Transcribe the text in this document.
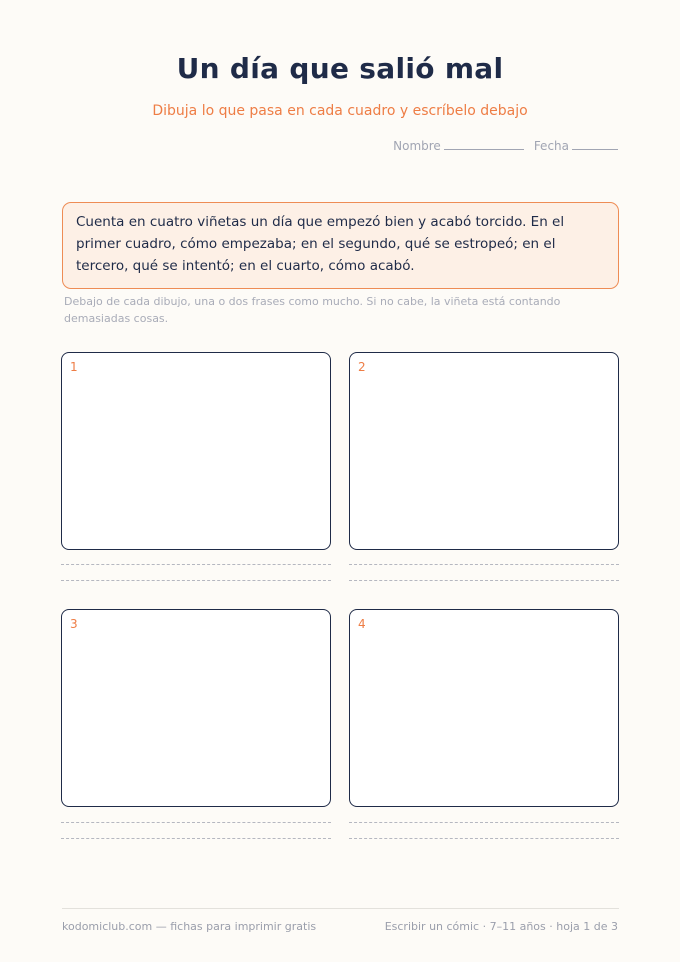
Un día que salió mal
Dibuja lo que pasa en cada cuadro y escríbelo debajo
Nombre	Fecha
Cuenta en cuatro viñetas un día que empezó bien y acabó torcido. En el primer cuadro, cómo empezaba; en el segundo, qué se estropeó; en el tercero, qué se intentó; en el cuarto, cómo acabó.
Debajo de cada dibujo, una o dos frases como mucho. Si no cabe, la viñeta está contando demasiadas cosas.
1	2
3	4
kodomiclub.com — fichas para imprimir gratis	Escribir un cómic · 7–11 años · hoja 1 de 3
